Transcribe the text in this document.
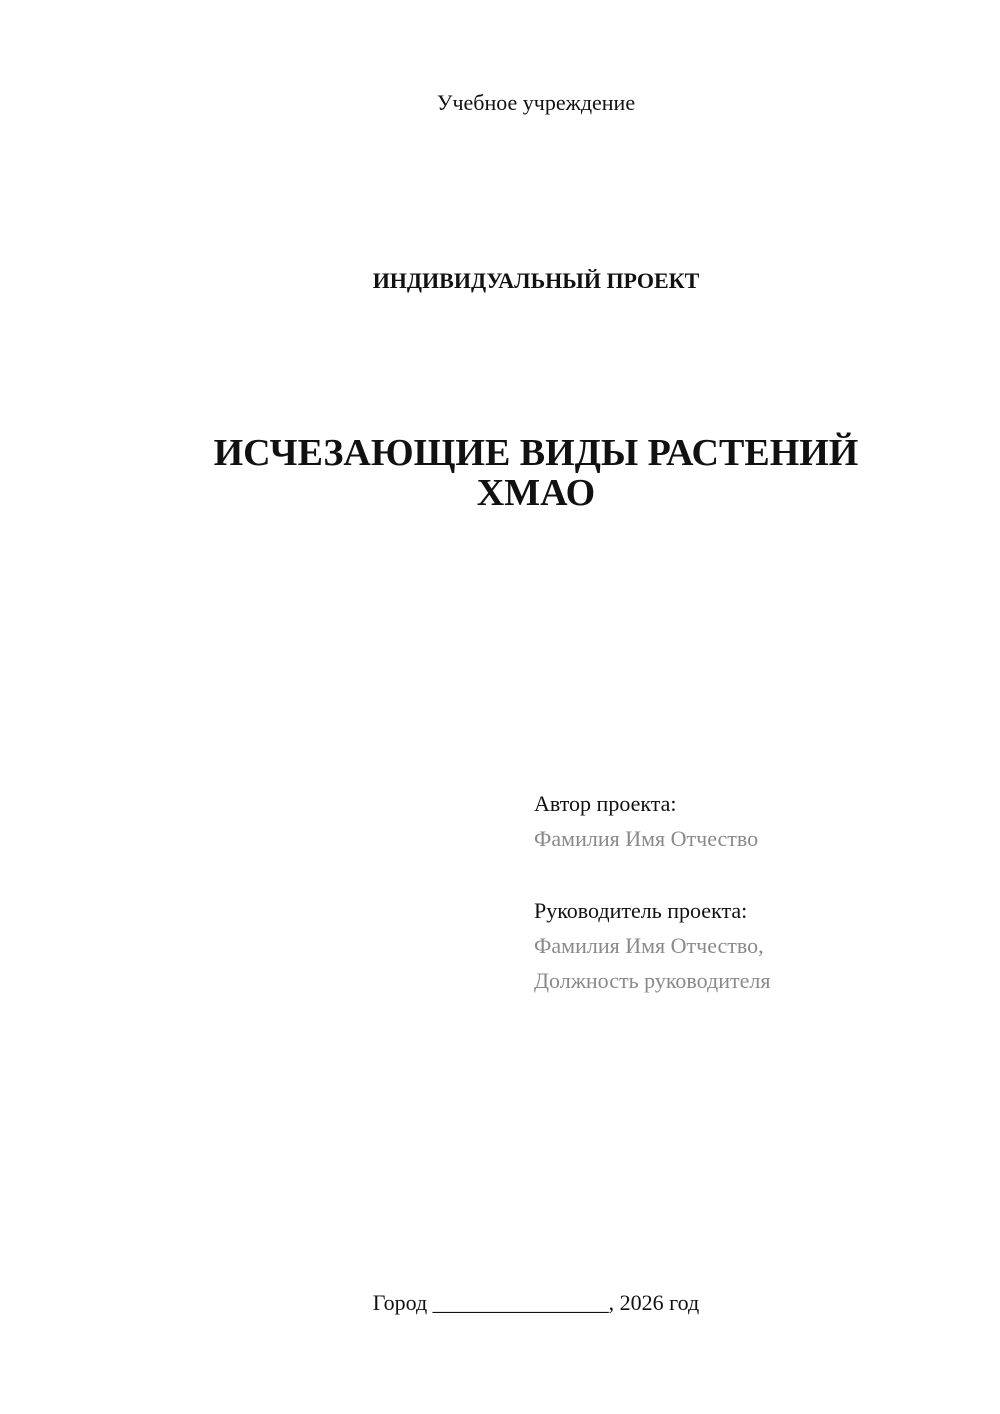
Учебное учреждение
ИНДИВИДУАЛЬНЫЙ ПРОЕКТ
ИСЧЕЗАЮЩИЕ ВИДЫ РАСТЕНИЙ
ХМАО
Автор проекта:
Фамилия Имя Отчество
Руководитель проекта:
Фамилия Имя Отчество,
Должность руководителя
Город ________________, 2026 год
